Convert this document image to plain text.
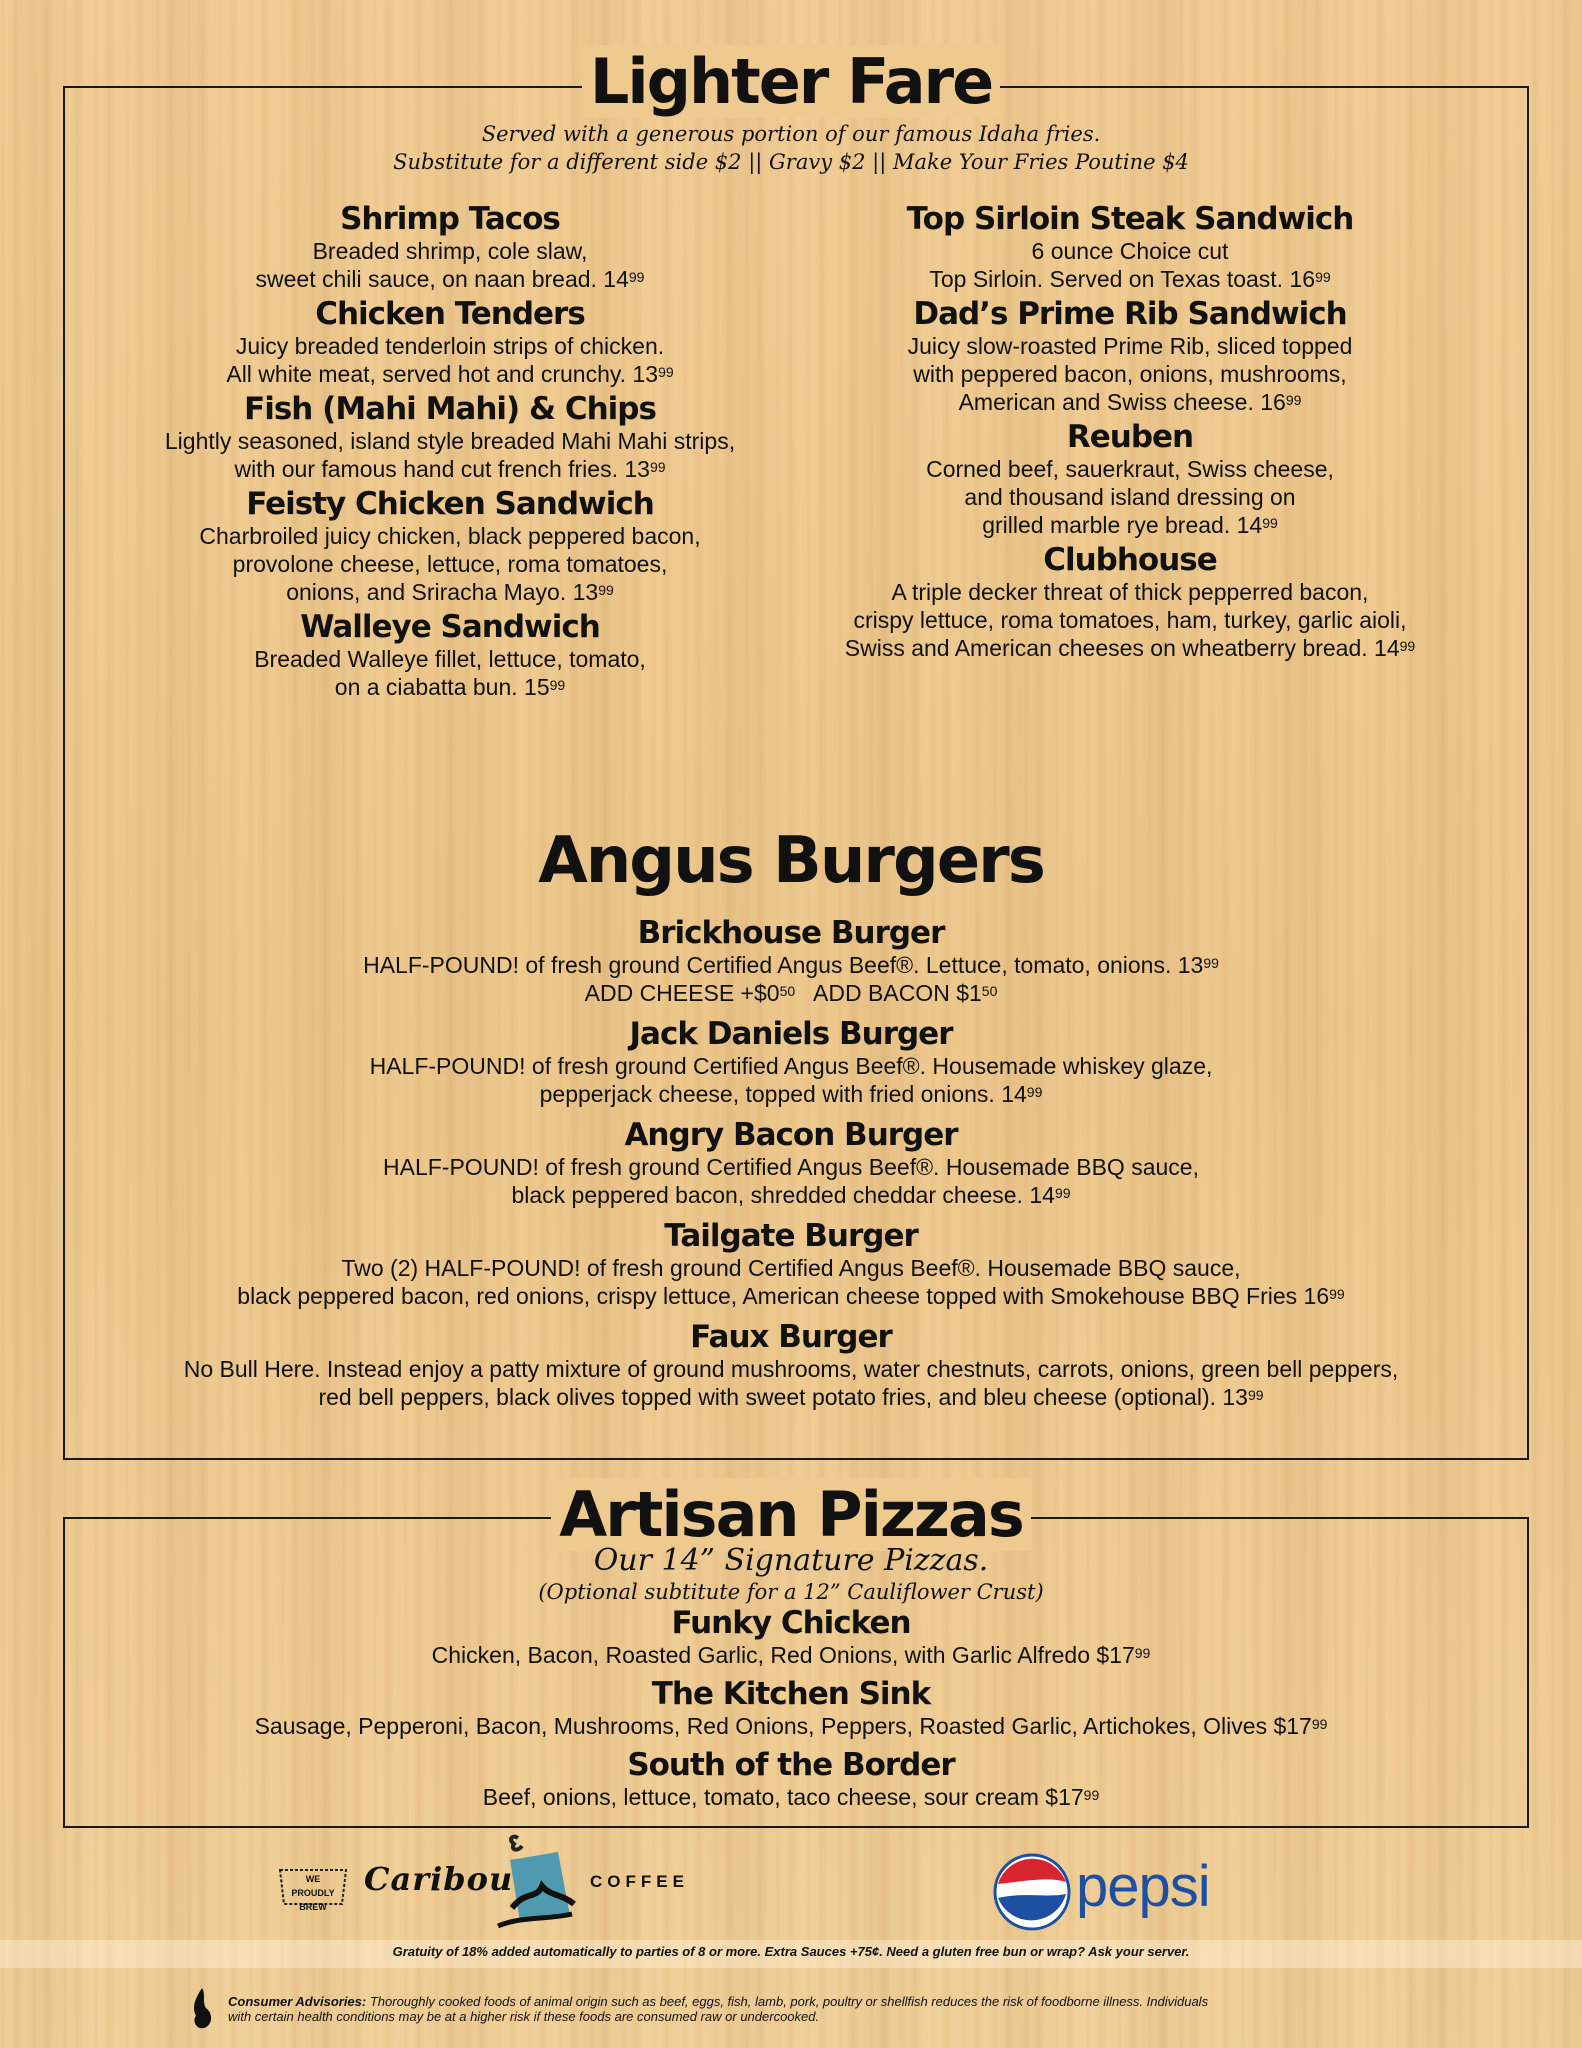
Lighter Fare
Served with a generous portion of our famous Idaha fries.
Substitute for a different side $2 || Gravy $2 || Make Your Fries Poutine $4
Shrimp Tacos
Breaded shrimp, cole slaw,
sweet chili sauce, on naan bread. $14^{99}$
Chicken Tenders
Juicy breaded tenderloin strips of chicken.
All white meat, served hot and crunchy. $13^{99}$
Fish (Mahi Mahi) & Chips
Lightly seasoned, island style breaded Mahi Mahi strips,
with our famous hand cut french fries. $13^{99}$
Feisty Chicken Sandwich
Charbroiled juicy chicken, black peppered bacon,
provolone cheese, lettuce, roma tomatoes,
onions, and Sriracha Mayo. $13^{99}$
Walleye Sandwich
Breaded Walleye fillet, lettuce, tomato,
on a ciabatta bun. $15^{99}$
Top Sirloin Steak Sandwich
6 ounce Choice cut
Top Sirloin. Served on Texas toast. $16^{99}$
Dad’s Prime Rib Sandwich
Juicy slow-roasted Prime Rib, sliced topped
with peppered bacon, onions, mushrooms,
American and Swiss cheese. $16^{99}$
Reuben
Corned beef, sauerkraut, Swiss cheese,
and thousand island dressing on
grilled marble rye bread. $14^{99}$
Clubhouse
A triple decker threat of thick pepperred bacon,
crispy lettuce, roma tomatoes, ham, turkey, garlic aioli,
Swiss and American cheeses on wheatberry bread. $14^{99}$
Angus Burgers
Brickhouse Burger
HALF-POUND! of fresh ground Certified Angus Beef®. Lettuce, tomato, onions. $13^{99}$
ADD CHEESE $+\$0^{50}$   ADD BACON $\$1^{50}$
Jack Daniels Burger
HALF-POUND! of fresh ground Certified Angus Beef®. Housemade whiskey glaze,
pepperjack cheese, topped with fried onions. $14^{99}$
Angry Bacon Burger
HALF-POUND! of fresh ground Certified Angus Beef®. Housemade BBQ sauce,
black peppered bacon, shredded cheddar cheese. $14^{99}$
Tailgate Burger
Two (2) HALF-POUND! of fresh ground Certified Angus Beef®. Housemade BBQ sauce,
black peppered bacon, red onions, crispy lettuce, American cheese topped with Smokehouse BBQ Fries $16^{99}$
Faux Burger
No Bull Here. Instead enjoy a patty mixture of ground mushrooms, water chestnuts, carrots, onions, green bell peppers,
red bell peppers, black olives topped with sweet potato fries, and bleu cheese (optional). $13^{99}$
Artisan Pizzas
Our 14” Signature Pizzas.
(Optional subtitute for a 12” Cauliflower Crust)
Funky Chicken
Chicken, Bacon, Roasted Garlic, Red Onions, with Garlic Alfredo $\$17^{99}$
The Kitchen Sink
Sausage, Pepperoni, Bacon, Mushrooms, Red Onions, Peppers, Roasted Garlic, Artichokes, Olives $\$17^{99}$
South of the Border
Beef, onions, lettuce, tomato, taco cheese, sour cream $\$17^{99}$
WE PROUDLY BREW
Caribou	COFFEE	pepsi
Gratuity of 18% added automatically to parties of 8 or more. Extra Sauces +75¢. Need a gluten free bun or wrap? Ask your server.
Consumer Advisories: Thoroughly cooked foods of animal origin such as beef, eggs, fish, lamb, pork, poultry or shellfish reduces the risk of foodborne illness. Individuals
with certain health conditions may be at a higher risk if these foods are consumed raw or undercooked.
